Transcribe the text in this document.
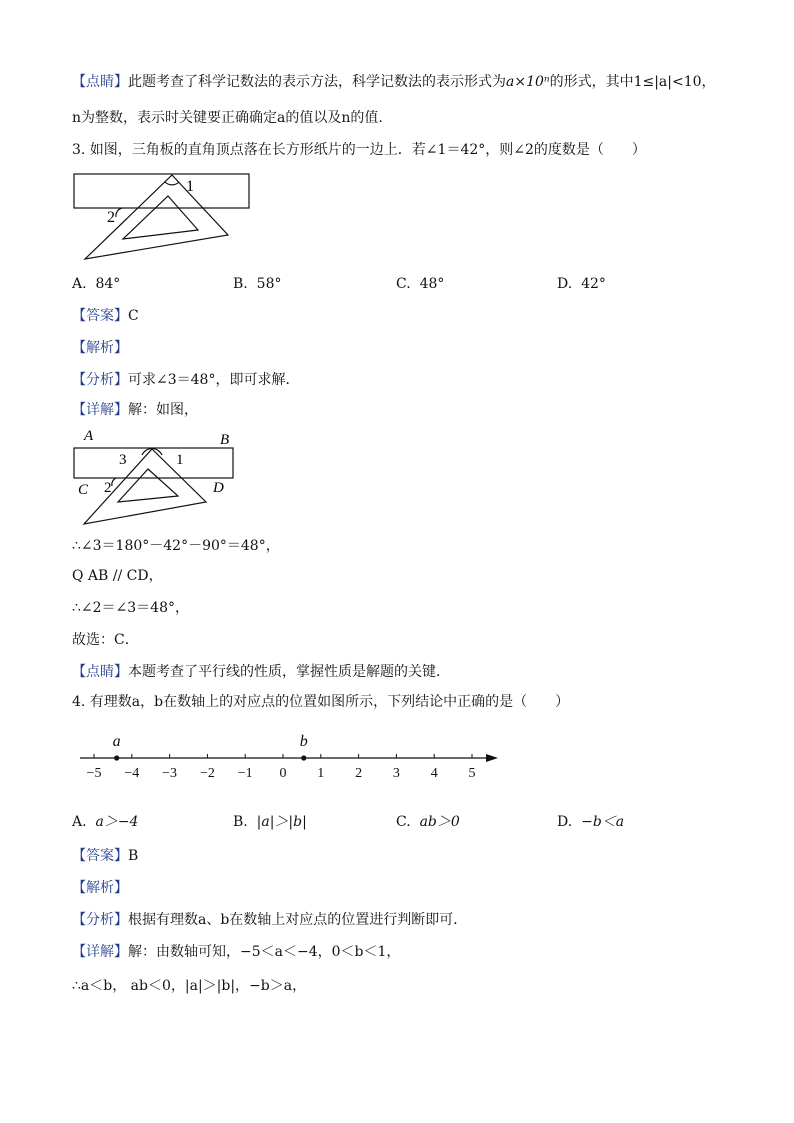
【点睛】此题考查了科学记数法的表示方法，科学记数法的表示形式为a×10ⁿ的形式，其中1≤|a|<10，
n为整数，表示时关键要正确确定a的值以及n的值.
3. 如图，三角板的直角顶点落在长方形纸片的一边上．若∠1＝42°，则∠2的度数是（　　）
1
2
A. 84°	B. 58°	C. 48°	D. 42°
【答案】C
【解析】
【分析】可求∠3＝48°，即可求解．
【详解】解：如图，
A	B
C	D
1
2
3
∴∠3＝180°－42°－90°＝48°，
Q AB // CD，
∴∠2＝∠3＝48°，
故选：C．
【点睛】本题考查了平行线的性质，掌握性质是解题的关键．
4. 有理数a，b在数轴上的对应点的位置如图所示，下列结论中正确的是（　　）
−5 −4 −3 −2 −1 0 1 2 3 4 5
a	b
A. a＞−4	B. |a|＞|b|	C. ab＞0	D. −b＜a
【答案】B
【解析】
【分析】根据有理数a、b在数轴上对应点的位置进行判断即可．
【详解】解：由数轴可知，−5＜a＜−4，0＜b＜1，
∴a＜b， ab＜0，|a|＞|b|，−b＞a，
